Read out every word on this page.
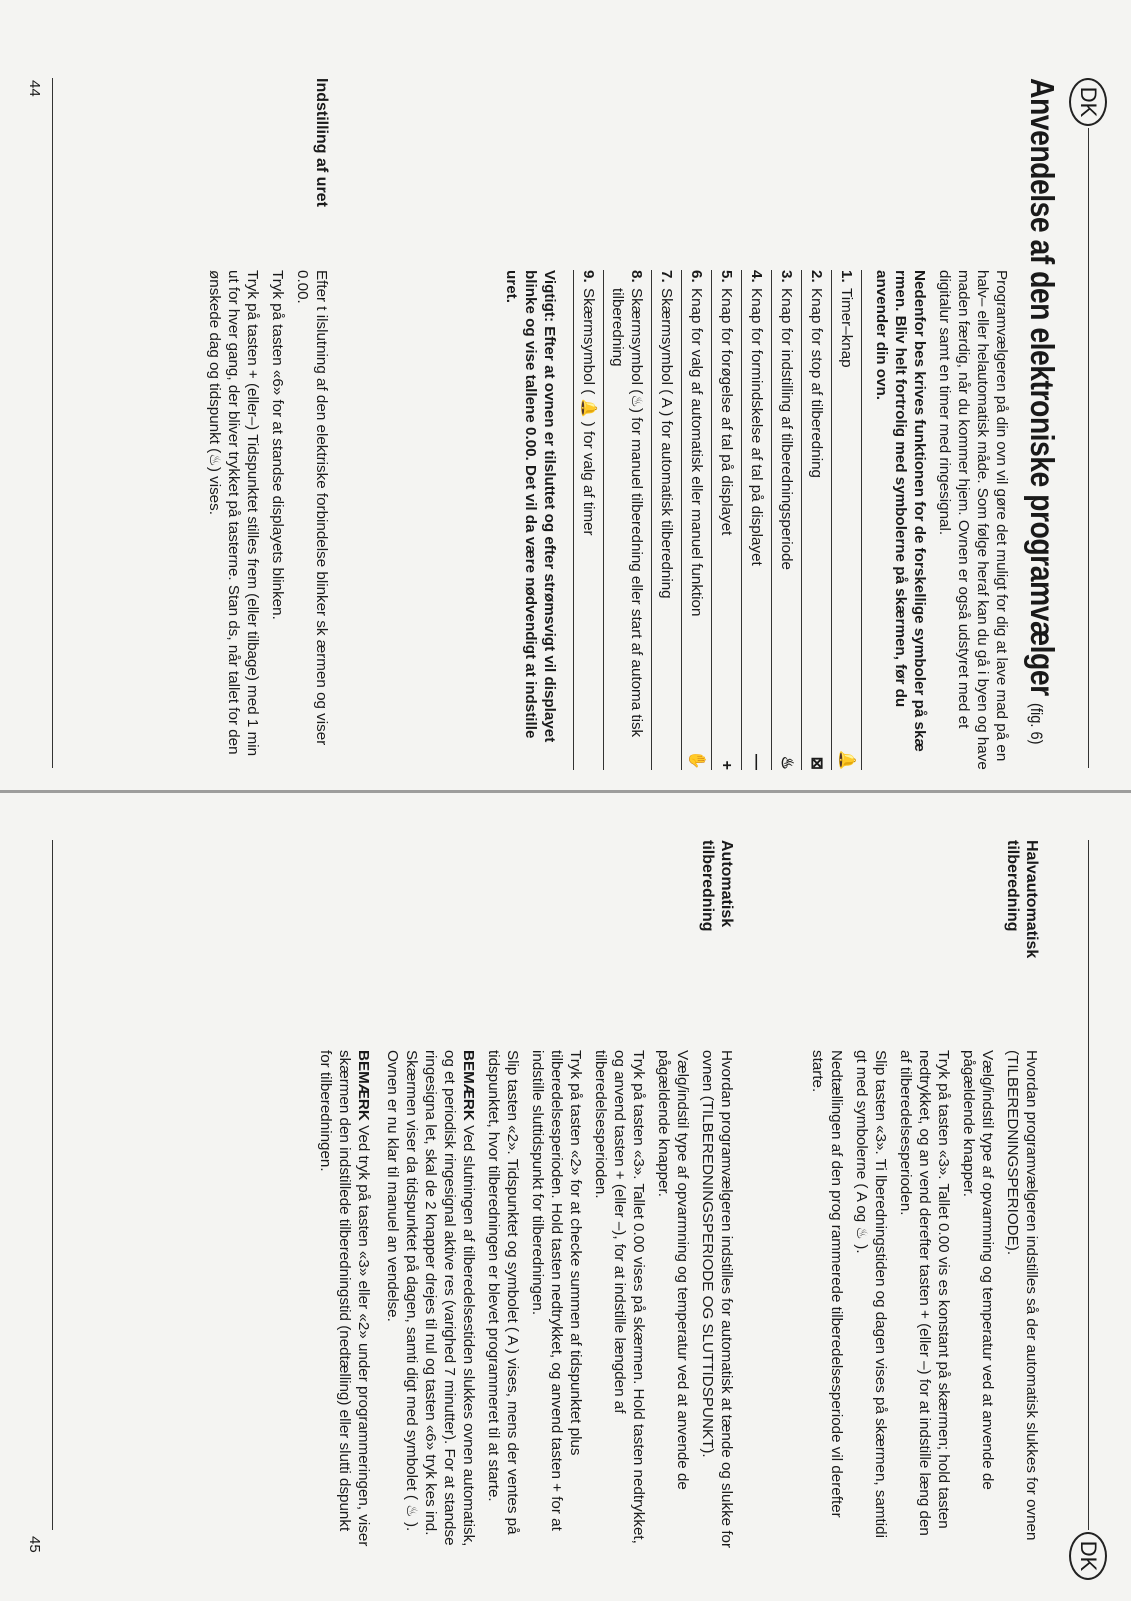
DK
Anvendelse af den elektroniske programvælger (fig. 6)

Programvælgeren på din ovn vil gøre det muligt for dig at lave mad på en halv– eller helautomatisk måde. Som følge heraf kan du gå i byen og have maden færdig, når du kommer hjem. Ovnen er også udstyret med et digitalur samt en timer med ringesignal.

Nedenfor bes krives funktionen for de forskellige symboler på skæ rmen. Bliv helt fortrolig med symbolerne på skærmen, før du anvender din ovn.

1.
Timer–knap
🔔
2.
Knap for stop af tilberedning
⊠
3.
Knap for indstilling af tilberedningsperiode
♨
4.
Knap for formindskelse af tal på displayet
—
5.
Knap for forøgelse af tal på displayet
+
6.
Knap for valg af automatisk eller manuel funktion
✋
7.
Skærmsymbol ( A ) for automatisk tilberedning
8.
Skærmsymbol (♨) for manuel tilberedning eller start af automa tisk tilberedning
9.
Skærmsymbol ( 🔔 ) for valg af timer

Vigtigt: Efter at ovnen er tilsluttet og efter strømsvigt vil displayet blinke og vise tallene 0.00. Det vil da være nødvendigt at indstille uret.

Indstilling af uret

Efter t ilslutning af den elektriske forbindelse blinker sk ærmen og viser 0.00.

Tryk på tasten «6» for at standse displayets blinken.

Tryk på tasten + (eller–) Tidspunktet stilles frem (eller tilbage) med 1 min ut for hver gang, der bliver trykket på tasterne. Stan ds, når tallet for den ønskede dag og tidspunkt (♨) vises.

44
DK
Halvautomatisk tilberedning

Hvordan programvælgeren indstilles så der automatisk slukkes for ovnen (TILBEREDNINGSPERIODE).

Vælg/indstil type af opvarmning og temperatur ved at anvende de pågældende knapper.

Tryk på tasten «3». Tallet 0.00 vis es konstant på skærmen; hold tasten nedtrykket, og an vend derefter tasten + (eller –) for at indstille læng den af tilberedelsesperioden.

Slip tasten «3». Ti lberedningstiden og dagen vises på skærmen, samtidi gt med symbolerne ( A og ♨ ).

Nedtællingen af den prog rammerede tilberedelsesperiode vil derefter starte.

Automatisk tilberedning

Hvordan programvælgeren indstilles for automatisk at tænde og slukke for ovnen (TILBEREDNINGSPERIODE OG SLUTTIDSPUNKT).

Vælg/indstil type af opvarmning og temperatur ved at anvende de pågældende knapper.

Tryk på tasten «3». Tallet 0.00 vises på skærmen. Hold tasten nedtrykket, og anvend tasten + (eller –), for at indstille længden af tilberedelsesperioden.

Tryk på tasten «2» for at checke summen af tidspunktet plus tilberedelsesperioden. Hold tasten nedtrykket, og anvend tasten + for at indstille sluttidspunkt for tilberedningen.

Slip tasten «2». Tidspunktet og symbolet ( A ) vises, mens der ventes på tidspunktet, hvor tilberedningen er blevet programmeret til at starte.

BEMÆRK Ved slutningen af tilberedelsestiden slukkes ovnen automatisk, og et periodisk ringesignal aktive res (varighed 7 minutter). For at standse ringesigna let, skal de 2 knapper drejes til nul og tasten «6» tryk kes ind. Skærmen viser da tidspunktet på dagen, samti digt med symbolet ( ♨ ). Ovnen er nu klar til manuel an vendelse.

BEMÆRK Ved tryk på tasten «3» eller «2» under programmeringen, viser skærmen den indstillede tilberedningstid (nedtælling) eller slutti dspunkt for tilberedningen.

45
